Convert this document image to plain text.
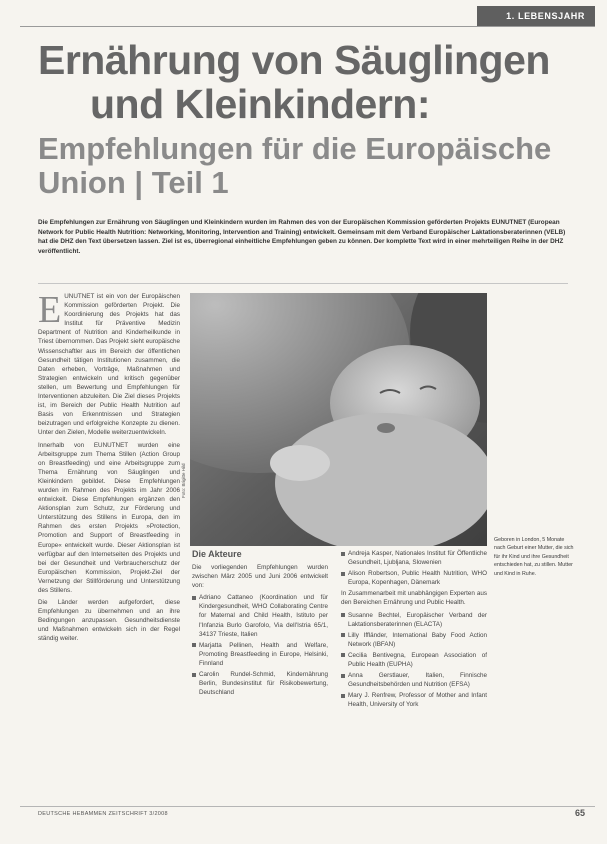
1. LEBENSJAHR
Ernährung von Säuglingen
und Kleinkindern:
Empfehlungen für die Europäische Union | Teil 1
Die Empfehlungen zur Ernährung von Säuglingen und Kleinkindern wurden im Rahmen des von der Europäischen Kommission geförderten Projekts EUNUTNET (European Network for Public Health Nutrition: Networking, Monitoring, Intervention and Training) entwickelt. Gemeinsam mit dem Verband Europäischer Laktationsberaterinnen (VELB) hat die DHZ den Text übersetzen lassen. Ziel ist es, überregional einheitliche Empfehlungen geben zu können. Der komplette Text wird in einer mehrteiligen Reihe in der DHZ veröffentlicht.

E UNUTNET ist ein von der Europäischen Kommission geförderten Projekt. Die Koordinierung des Projekts hat das Institut für Präventive Medizin Department of Nutrition and Kinderheilkunde in Triest übernommen. Das Projekt sieht europäische Wissenschaftler aus im Bereich der öffentlichen Gesundheit tätigen Institutionen zusammen, die Daten erheben, Vorträge, Maßnahmen und Strategien entwickeln und kritisch gegenüber stellen, um Bewertung und Empfehlungen für Interventionen abzuleiten. Die Ziel dieses Projekts ist, im Bereich der Public Health Nutrition auf Basis von Erkenntnissen und Strategien beizutragen und erfolgreiche Konzepte zu dienen. Unter den Zielen, Modelle weiterzuentwickeln.

Innerhalb von EUNUTNET wurden eine Arbeitsgruppe zum Thema Stillen (Action Group on Breastfeeding) und eine Arbeitsgruppe zum Thema Ernährung von Säuglingen und Kleinkindern gebildet. Diese Empfehlungen wurden im Rahmen des Projekts im Jahr 2006 entwickelt. Diese Empfehlungen ergänzen den Aktionsplan zum Schutz, zur Förderung und Unterstützung des Stillens in Europa, den im Rahmen des ersten Projekts »Protection, Promotion and Support of Breastfeeding in Europe« entwickelt wurde. Dieser Aktionsplan ist verfügbar auf den Internetseiten des Projekts und bei der Gesundheit und Verbraucherschutz der Europäischen Kommission, Projekt-Ziel der Vernetzung der Stillförderung und Unterstützung des Stillens.

Die Länder werden aufgefordert, diese Empfehlungen zu übernehmen und an ihre Bedingungen anzupassen. Gesundheitsdienste und Maßnahmen entwickeln sich in der Regel ständig weiter.

Foto: Brigitte Hild
Geboren in London, 5 Monate nach Geburt einer Mutter, die sich für ihr Kind und ihre Gesundheit entschieden hat, zu stillen. Mutter und Kind in Ruhe.
Die Akteure

Die vorliegenden Empfehlungen wurden zwischen März 2005 und Juni 2006 entwickelt von:

Adriano Cattaneo (Koordination und für Kindergesundheit, WHO Collaborating Centre for Maternal and Child Health, Istituto per l'Infanzia Burlo Garofolo, Via dell'Istria 65/1, 34137 Trieste, Italien
Marjatta Pellinen, Health and Welfare, Promoting Breastfeeding in Europe, Helsinki, Finnland
Carolin Rundel-Schmid, Kindernährung Berlin, Bundesinstitut für Risikobewertung, Deutschland
Andreja Kasper, Nationales Institut für Öffentliche Gesundheit, Ljubljana, Slowenien
Alison Robertson, Public Health Nutrition, WHO Europa, Kopenhagen, Dänemark

In Zusammenarbeit mit unabhängigen Experten aus den Bereichen Ernährung und Public Health.

Susanne Bechtel, Europäischer Verband der Laktationsberaterinnen (ELACTA)
Lilly Iffländer, International Baby Food Action Network (IBFAN)
Cecilia Bentivegna, European Association of Public Health (EUPHA)
Anna Gerstlauer, Italien, Finnische Gesundheitsbehörden und Nutrition (EFSA)
Mary J. Renfrew, Professor of Mother and Infant Health, University of York
DEUTSCHE HEBAMMEN ZEITSCHRIFT 3/2008	65
